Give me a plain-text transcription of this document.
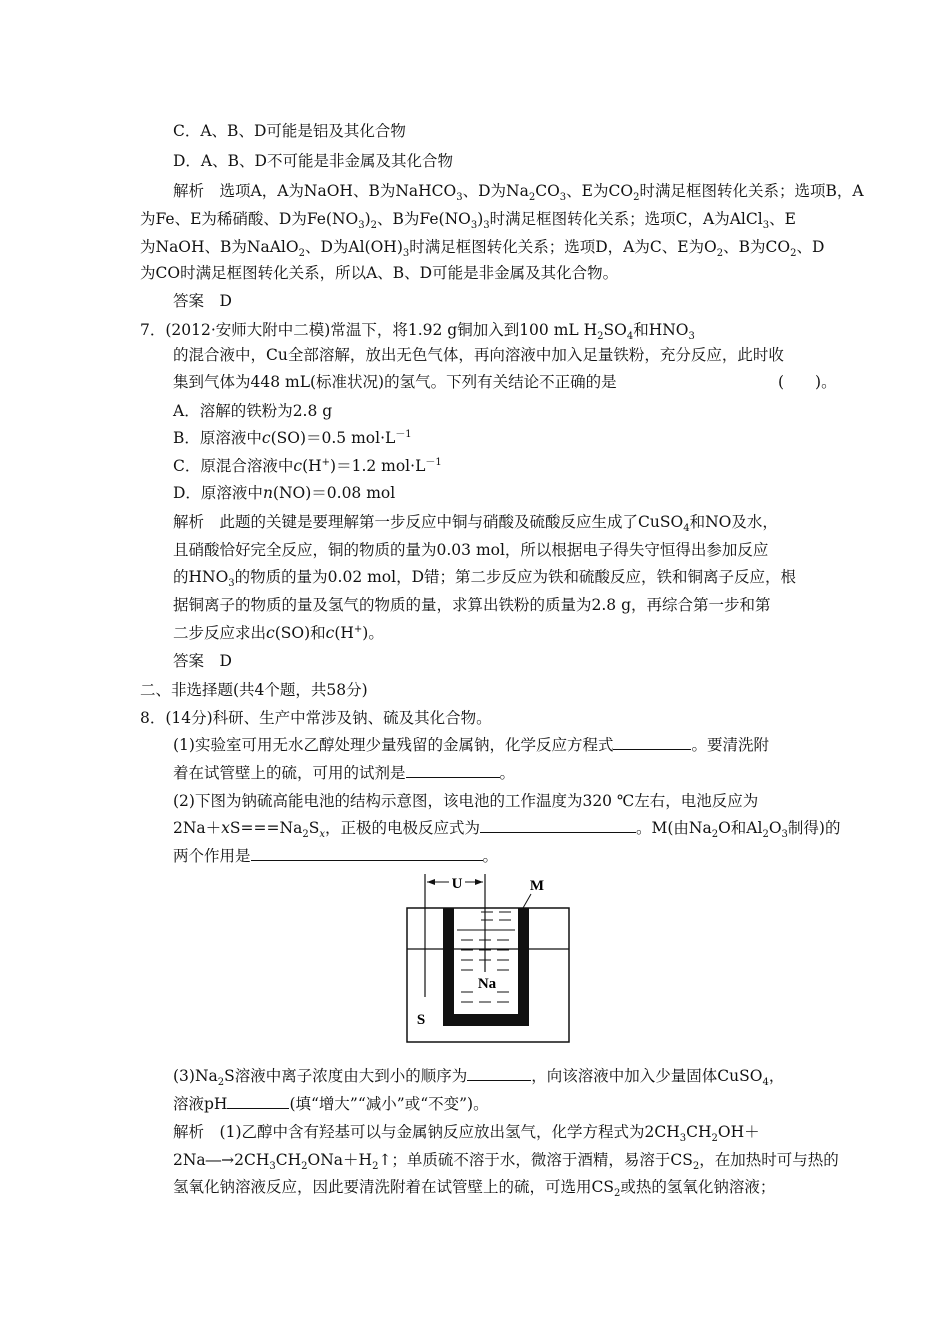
C．A、B、D可能是铝及其化合物
D．A、B、D不可能是非金属及其化合物
解析　 选项A，A为NaOH、B为NaHCO$_3$、D为$Na_2CO_3$、E为$CO_2$时满足框图转化关系；选项B，A
为Fe、E为稀硝酸、D为$Fe(NO_3)_2$、B为$Fe(NO_3)_3$时满足框图转化关系；选项C，A为AlCl$_3$、E
为NaOH、B为NaAlO$_2$、D为$Al(OH)_3$时满足框图转化关系；选项D，A为C、E为$O_2$、B为$CO_2$、D
为CO时满足框图转化关系，所以A、B、D可能是非金属及其化合物。
答案　D
7．(2012·安师大附中二模)常温下，将1.92 g铜加入到100 mL $H_2SO_4$和$HNO_3$
的混合液中，Cu全部溶解，放出无色气体，再向溶液中加入足量铁粉，充分反应，此时收
集到气体为448 mL(标准状况)的氢气。下列有关结论不正确的是	(　　)。
A．溶解的铁粉为2.8 g
B．原溶液中c(SO)＝0.5 $mol\cdot L^{-1}$
C．原混合溶液中c(H+)＝1.2 $mol\cdot L^{-1}$
D．原溶液中n(NO)＝0.08 mol
解析　 此题的关键是要理解第一步反应中铜与硝酸及硫酸反应生成了CuSO$_4$和NO及水，
且硝酸恰好完全反应，铜的物质的量为0.03 mol，所以根据电子得失守恒得出参加反应
的$HNO_3$的物质的量为0.02 mol，D错；第二步反应为铁和硫酸反应，铁和铜离子反应，根
据铜离子的物质的量及氢气的物质的量，求算出铁粉的质量为2.8 g，再综合第一步和第
二步反应求出c(SO)和c(H+)。
答案　D
二、非选择题(共4个题，共58分)
8．(14分)科研、生产中常涉及钠、硫及其化合物。
(1)实验室可用无水乙醇处理少量残留的金属钠，化学反应方程式	。要清洗附
着在试管壁上的硫，可用的试剂是	。
(2)下图为钠硫高能电池的结构示意图，该电池的工作温度为320 ℃左右，电池反应为
$2Na+xS===Na_2S_x$，正极的电极反应式为	。M(由$Na_2O$和$Al_2O_3$制得)的
两个作用是	。
U	M
Na
S
$(3)Na_2S$溶液中离子浓度由大到小的顺序为	，向该溶液中加入少量固体CuSO$_4$，
溶液pH	(填“增大”“减小”或“不变”)。
解析　 (1)乙醇中含有羟基可以与金属钠反应放出氢气，化学方程式为$2CH_3CH_2OH+$
$2Na―\to 2CH_3CH_2ONa+H_2↑$；单质硫不溶于水，微溶于酒精，易溶于$CS_2$，在加热时可与热的
氢氧化钠溶液反应，因此要清洗附着在试管壁上的硫，可选用$CS_2$或热的氢氧化钠溶液；
